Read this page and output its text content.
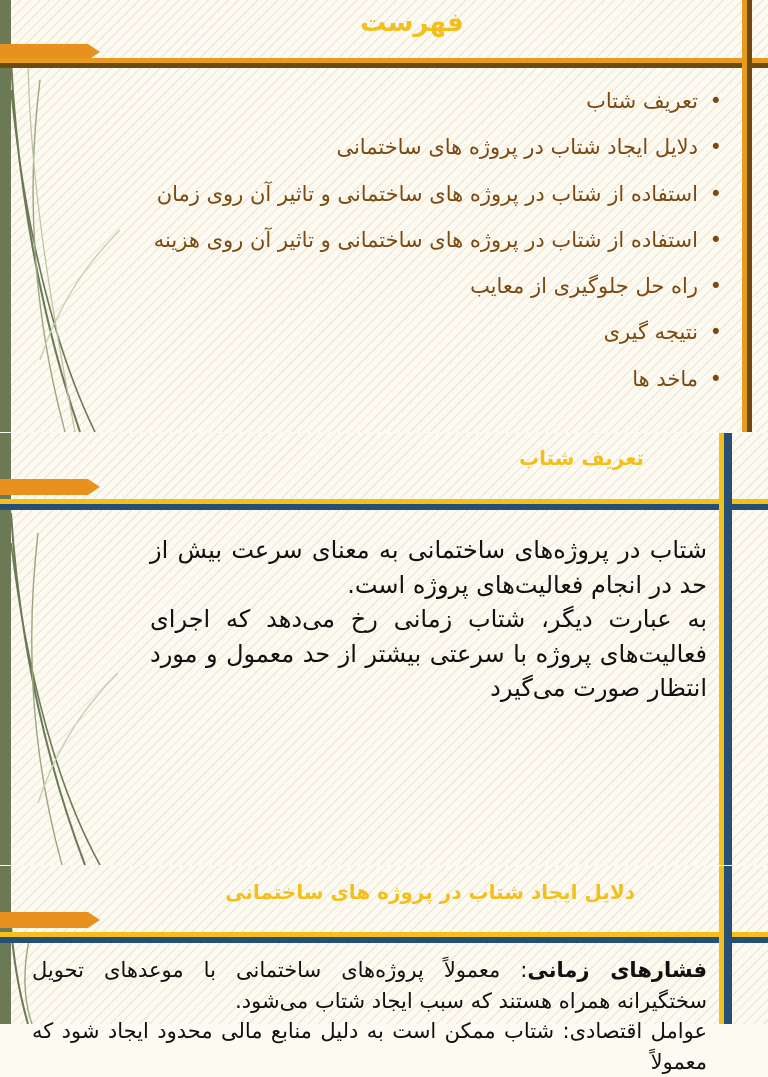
فهرست
• تعریف شتاب
• دلایل ایجاد شتاب در پروژه های ساختمانی
• استفاده از شتاب در پروژه های ساختمانی و تاثیر آن روی زمان
• استفاده از شتاب در پروژه های ساختمانی و تاثیر آن روی هزینه
• راه حل جلوگیری از معایب
• نتیجه گیری
• ماخد ها
تعریف شتاب

شتاب در پروژه‌های ساختمانی به معنای سرعت بیش از حد در انجام فعالیت‌های پروژه است.

به عبارت دیگر، شتاب زمانی رخ می‌دهد که اجرای فعالیت‌های پروژه با سرعتی بیشتر از حد معمول و مورد انتظار صورت می‌گیرد

دلایل ایجاد شتاب در پروژه های ساختمانی

فشارهای زمانی: معمولاً پروژه‌های ساختمانی با موعدهای تحویل سختگیرانه همراه هستند که سبب ایجاد شتاب می‌شود.

عوامل اقتصادی: شتاب ممکن است به دلیل منابع مالی محدود ایجاد شود که معمولاً
